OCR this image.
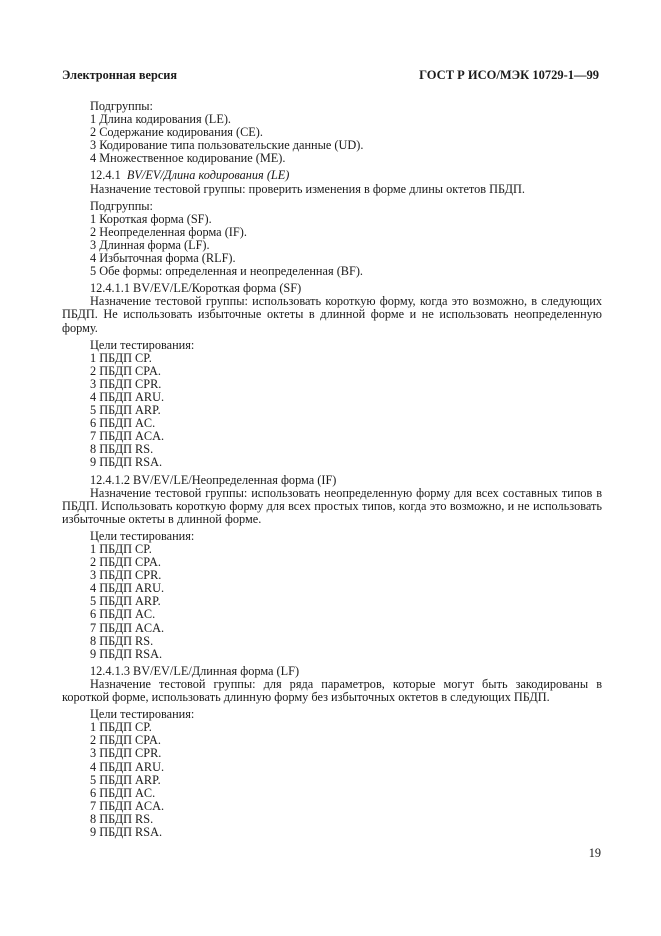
Электронная версия	ГОСТ Р ИСО/МЭК 10729-1—99
Подгруппы:
1 Длина кодирования (LE).
2 Содержание кодирования (CE).
3 Кодирование типа пользовательские данные (UD).
4 Множественное кодирование (ME).
12.4.1 BV/EV/Длина кодирования (LE)
Назначение тестовой группы: проверить изменения в форме длины октетов ПБДП.
Подгруппы:
1 Короткая форма (SF).
2 Неопределенная форма (IF).
3 Длинная форма (LF).
4 Избыточная форма (RLF).
5 Обе формы: определенная и неопределенная (BF).
12.4.1.1 BV/EV/LE/Короткая форма (SF)
Назначение тестовой группы: использовать короткую форму, когда это возможно, в следующих ПБДП. Не использовать избыточные октеты в длинной форме и не использовать неопределенную форму.
Цели тестирования:
1 ПБДП CP.
2 ПБДП CPA.
3 ПБДП CPR.
4 ПБДП ARU.
5 ПБДП ARP.
6 ПБДП AC.
7 ПБДП ACA.
8 ПБДП RS.
9 ПБДП RSA.
12.4.1.2 BV/EV/LE/Неопределенная форма (IF)
Назначение тестовой группы: использовать неопределенную форму для всех составных типов в ПБДП. Использовать короткую форму для всех простых типов, когда это возможно, и не использовать избыточные октеты в длинной форме.
Цели тестирования:
1 ПБДП CP.
2 ПБДП CPA.
3 ПБДП CPR.
4 ПБДП ARU.
5 ПБДП ARP.
6 ПБДП AC.
7 ПБДП ACA.
8 ПБДП RS.
9 ПБДП RSA.
12.4.1.3 BV/EV/LE/Длинная форма (LF)
Назначение тестовой группы: для ряда параметров, которые могут быть закодированы в короткой форме, использовать длинную форму без избыточных октетов в следующих ПБДП.
Цели тестирования:
1 ПБДП CP.
2 ПБДП CPA.
3 ПБДП CPR.
4 ПБДП ARU.
5 ПБДП ARP.
6 ПБДП AC.
7 ПБДП ACA.
8 ПБДП RS.
9 ПБДП RSA.
19
